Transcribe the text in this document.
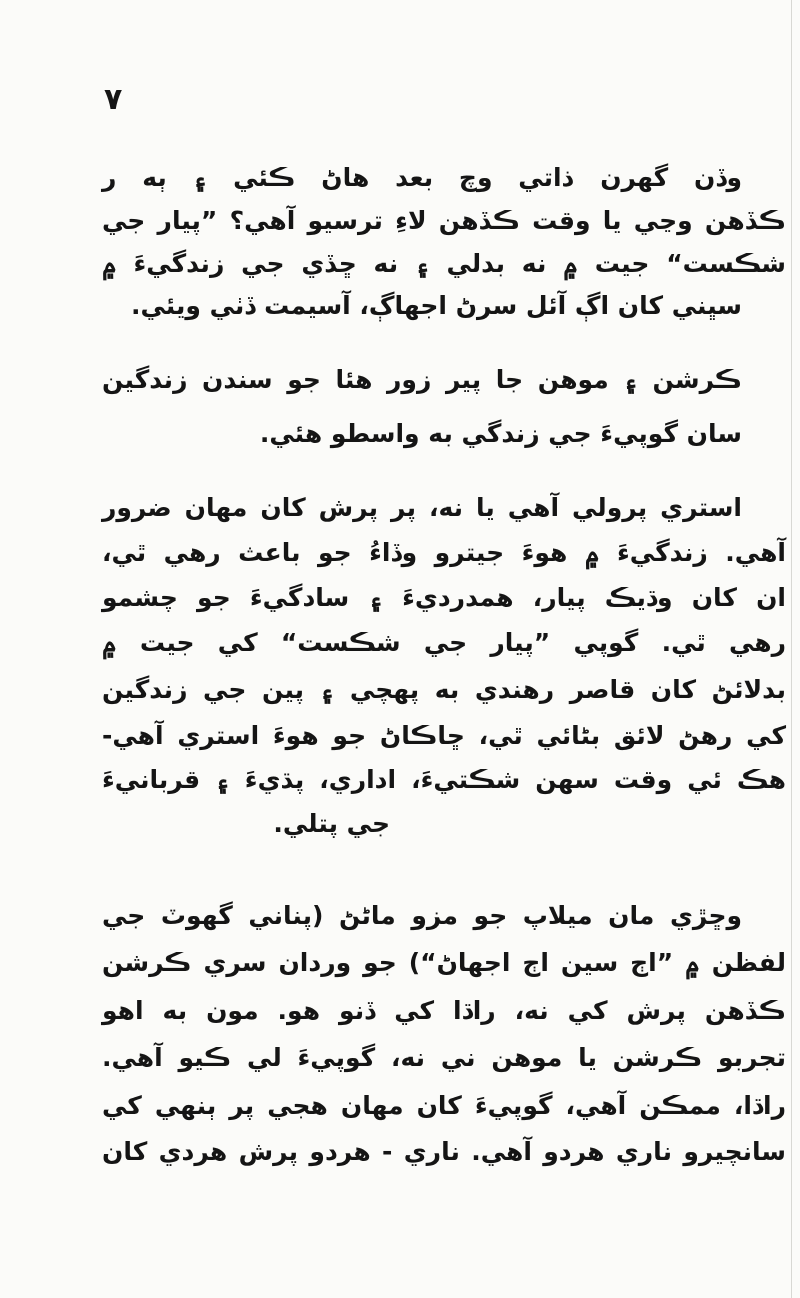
٧
وڏن گهرن ذاتي وچ بعد هاڻ ڪئي ۽ ٻه ر
ڪڏهن وڃي يا وقت ڪڏهن لاءِ ترسيو آهي؟ ”پيار جي
شڪست“ جيت ۾ نه بدلي ۽ نه ڇڏي جي زندگيءَ ۾
سڀني کان اڳ آئل سرڻ اجهاڳ، آسيمت ڏٺي ويئي.
ڪرشن ۽ موهن جا پير زور هئا جو سندن زندگين
سان گوپيءَ جي زندگي به واسطو هئي.
استري پرولي آهي يا نه، پر پرش کان مهان ضرور
آهي. زندگيءَ ۾ هوءَ جيترو وڏاءُ جو باعث رهي ٿي،
ان کان وڌيڪ پيار، همدرديءَ ۽ سادگيءَ جو چشمو
رهي ٿي. گوپي ”پيار جي شڪست“ کي جيت ۾
بدلائڻ کان قاصر رهندي به پهچي ۽ پين جي زندگين
کي رهڻ لائق بڻائي ٿي، ڇاڪاڻ جو هوءَ استري آهي-
هڪ ئي وقت سهن شڪتيءَ، اداري، پڌيءَ ۽ قربانيءَ
جي پتلي.
وڇڙي مان ميلاپ جو مزو ماڻڻ (پناني گهوٽ جي
لفظن ۾ ”اڄ سين اڄ اجهاڻ“) جو وردان سري ڪرشن
ڪڏهن پرش کي نه، راڌا کي ڏنو هو. مون به اهو
تجربو ڪرشن يا موهن ني نه، گوپيءَ لي ڪيو آهي.
راڌا، ممڪن آهي، گوپيءَ کان مهان هجي پر ٻنهي کي
سانچيرو ناري هردو آهي. ناري - هردو پرش هردي کان
